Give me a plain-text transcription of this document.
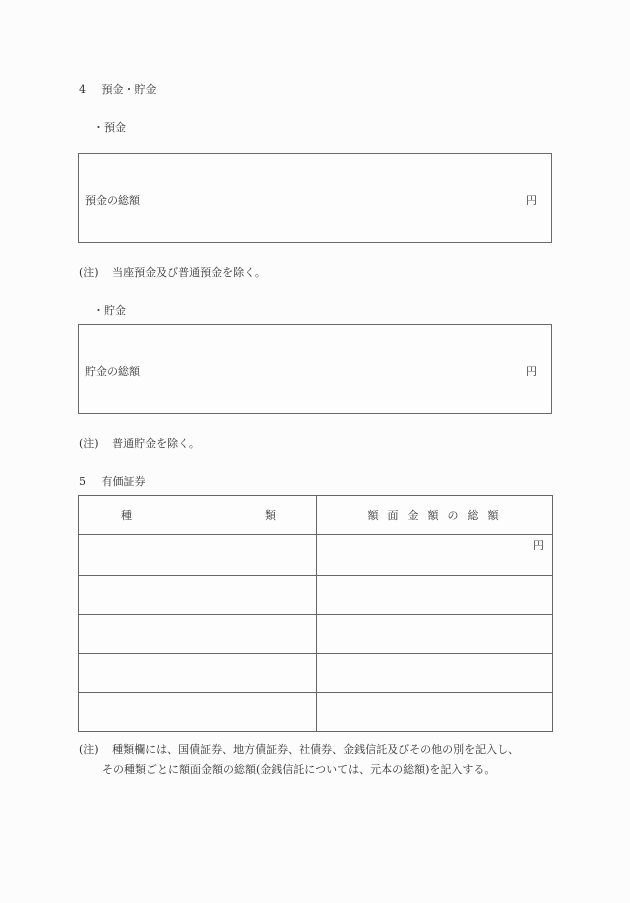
4 預金・貯金
・預金
預金の総額	円
(注) 当座預金及び普通預金を除く。
・貯金
貯金の総額	円
(注) 普通貯金を除く。
5 有価証券
種 類	額面金額の総額

	円

(注) 種類欄には、国債証券、地方債証券、社債券、金銭信託及びその他の別を記入し、
その種類ごとに額面金額の総額(金銭信託については、元本の総額)を記入する。
